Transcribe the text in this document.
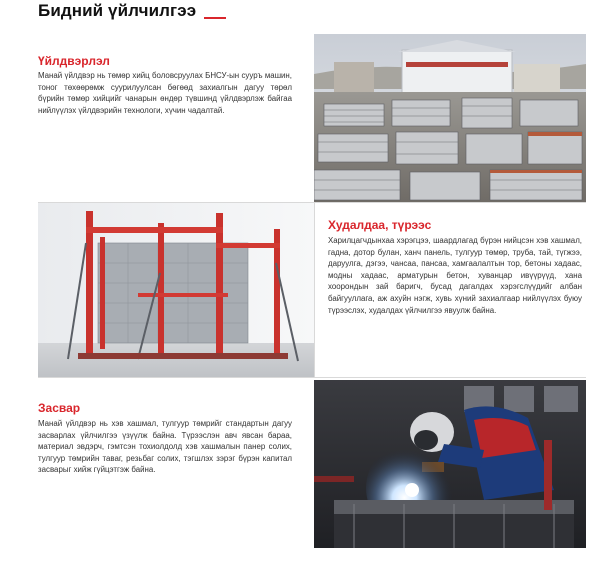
Бидний үйлчилгээ
Үйлдвэрлэл
Манай үйлдвэр нь төмөр хийц боловсруулах БНСУ-ын сууръ машин, тоног төхөөрөмж суурилуулсан бөгөөд захиалгын дагуу төрөл бүрийн төмөр хийцийг чанарын өндөр түвшинд үйлдвэрлэж байгаа нийлүүлэх үйлдвэрийн технологи, хүчин чадалтай.
Худалдаа, түрээс
Харилцагчдынхаа хэрэгцээ, шаардлагад бүрэн нийцсэн хэв хашмал, гадна, дотор булан, ханч панель, тулгуур төмөр, труба, тай, түгжээ, даруулга, дэгээ, чансаа, пансаа, хамгаалалтын тор, бетоны хадаас, модны хадаас, арматурын бетон, хуванцар ивүүрүүд, хана хоорондын зай баригч, бусад дагалдах хэрэгслүүдийг албан байгууллага, аж ахуйн нэгж, хувь хүний захиалгаар нийлүүлэх буюу түрээслэх, худалдах үйлчилгээ явуулж байна.
Засвар
Манай үйлдвэр нь хэв хашмал, тулгуур төмрийг стандартын дагуу засварлах үйлчилгээ үзүүлж байна. Түрээслэн авч явсан бараа, материал эвдэрч, гэмтсэн тохиолдолд хэв хашмалын панер солих, тулгуур төмрийн таваг, резьбаг солих, тэгшлэх зэрэг бүрэн капитал засварыг хийж гүйцэтгэж байна.
